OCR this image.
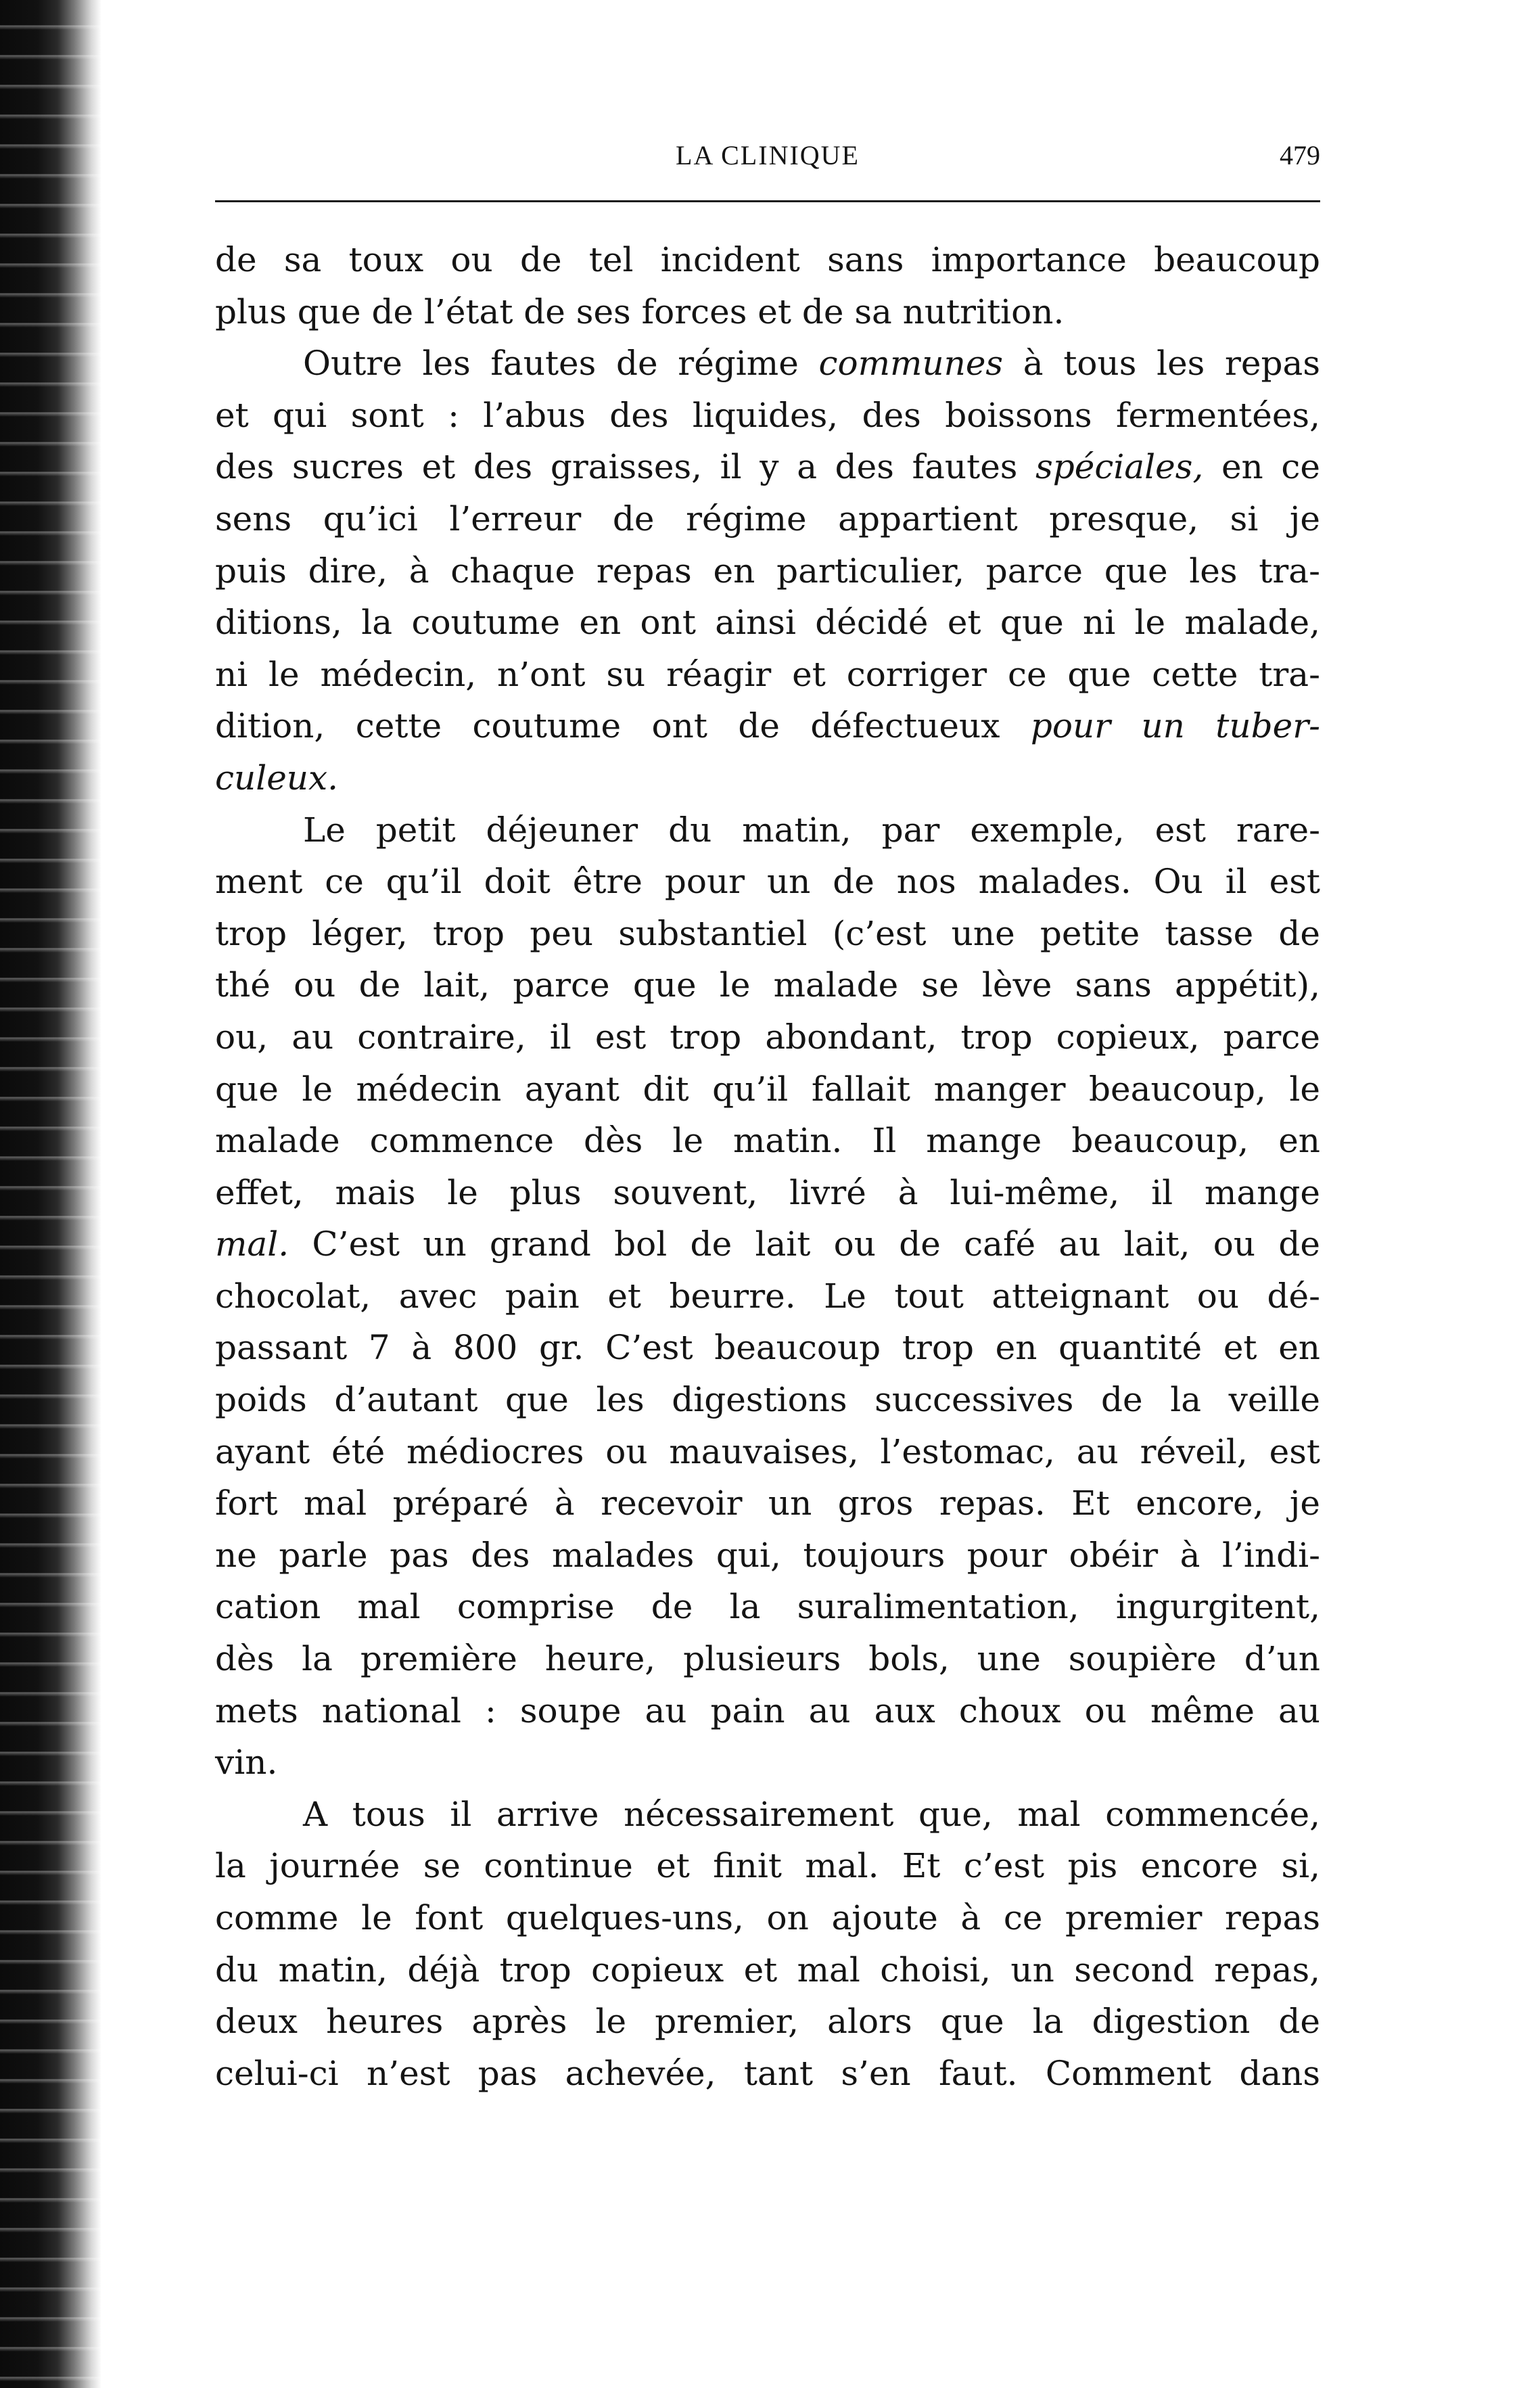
LA CLINIQUE	479
de sa toux ou de tel incident sans importance beaucoup
plus que de l’état de ses forces et de sa nutrition.
Outre les fautes de régime communes à tous les repas
et qui sont : l’abus des liquides, des boissons fermentées,
des sucres et des graisses, il y a des fautes spéciales, en ce
sens qu’ici l’erreur de régime appartient presque, si je
puis dire, à chaque repas en particulier, parce que les tra-
ditions, la coutume en ont ainsi décidé et que ni le malade,
ni le médecin, n’ont su réagir et corriger ce que cette tra-
dition, cette coutume ont de défectueux pour un tuber-
culeux.
Le petit déjeuner du matin, par exemple, est rare-
ment ce qu’il doit être pour un de nos malades. Ou il est
trop léger, trop peu substantiel (c’est une petite tasse de
thé ou de lait, parce que le malade se lève sans appétit),
ou, au contraire, il est trop abondant, trop copieux, parce
que le médecin ayant dit qu’il fallait manger beaucoup, le
malade commence dès le matin. Il mange beaucoup, en
effet, mais le plus souvent, livré à lui-même, il mange
mal. C’est un grand bol de lait ou de café au lait, ou de
chocolat, avec pain et beurre. Le tout atteignant ou dé-
passant 7 à 800 gr. C’est beaucoup trop en quantité et en
poids d’autant que les digestions successives de la veille
ayant été médiocres ou mauvaises, l’estomac, au réveil, est
fort mal préparé à recevoir un gros repas. Et encore, je
ne parle pas des malades qui, toujours pour obéir à l’indi-
cation mal comprise de la suralimentation, ingurgitent,
dès la première heure, plusieurs bols, une soupière d’un
mets national : soupe au pain au aux choux ou même au
vin.
A tous il arrive nécessairement que, mal commencée,
la journée se continue et finit mal. Et c’est pis encore si,
comme le font quelques-uns, on ajoute à ce premier repas
du matin, déjà trop copieux et mal choisi, un second repas,
deux heures après le premier, alors que la digestion de
celui-ci n’est pas achevée, tant s’en faut. Comment dans
